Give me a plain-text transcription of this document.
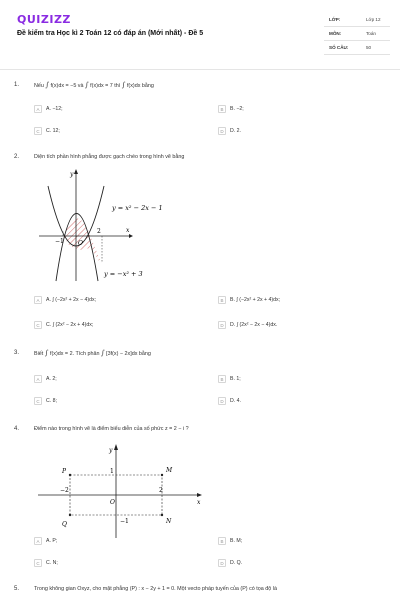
QUIZIZZ
Đề kiểm tra Học kì 2 Toán 12 có đáp án (Mới nhất) - Đề 5
LỚP:	Lớp 12
MÔN:	Toán
SỐ CÂU:	50
1.	Nếu ∫ f(x)dx = −5 và ∫ f(x)dx = 7 thì ∫ f(x)dx bằng
A	A. −12;	B	B. −2;
C	C. 12;	D	D. 2.
2.	Diện tích phần hình phẳng được gạch chéo trong hình vẽ bằng
y
x
O
−1
2
y = x² − 2x − 1
y = −x² + 3
A	A. ∫ (−2x² + 2x − 4)dx;	B	B. ∫ (−2x² + 2x + 4)dx;
C	C. ∫ (2x² − 2x + 4)dx;	D	D. ∫ (2x² − 2x − 4)dx.
3.	Biết ∫ f(x)dx = 2. Tích phân ∫ [3f(x) − 2x]dx bằng
A	A. 2;	B	B. 1;
C	C. 8;	D	D. 4.
4.	Điểm nào trong hình vẽ là điểm biểu diễn của số phức z = 2 − i ?
y
x
O
P	M
Q	N
1
−1
−2	2
A	A. P;	B	B. M;
C	C. N;	D	D. Q.
5.	Trong không gian Oxyz, cho mặt phẳng (P) : x − 2y + 1 = 0. Một vecto pháp tuyến của (P) có tọa độ là
